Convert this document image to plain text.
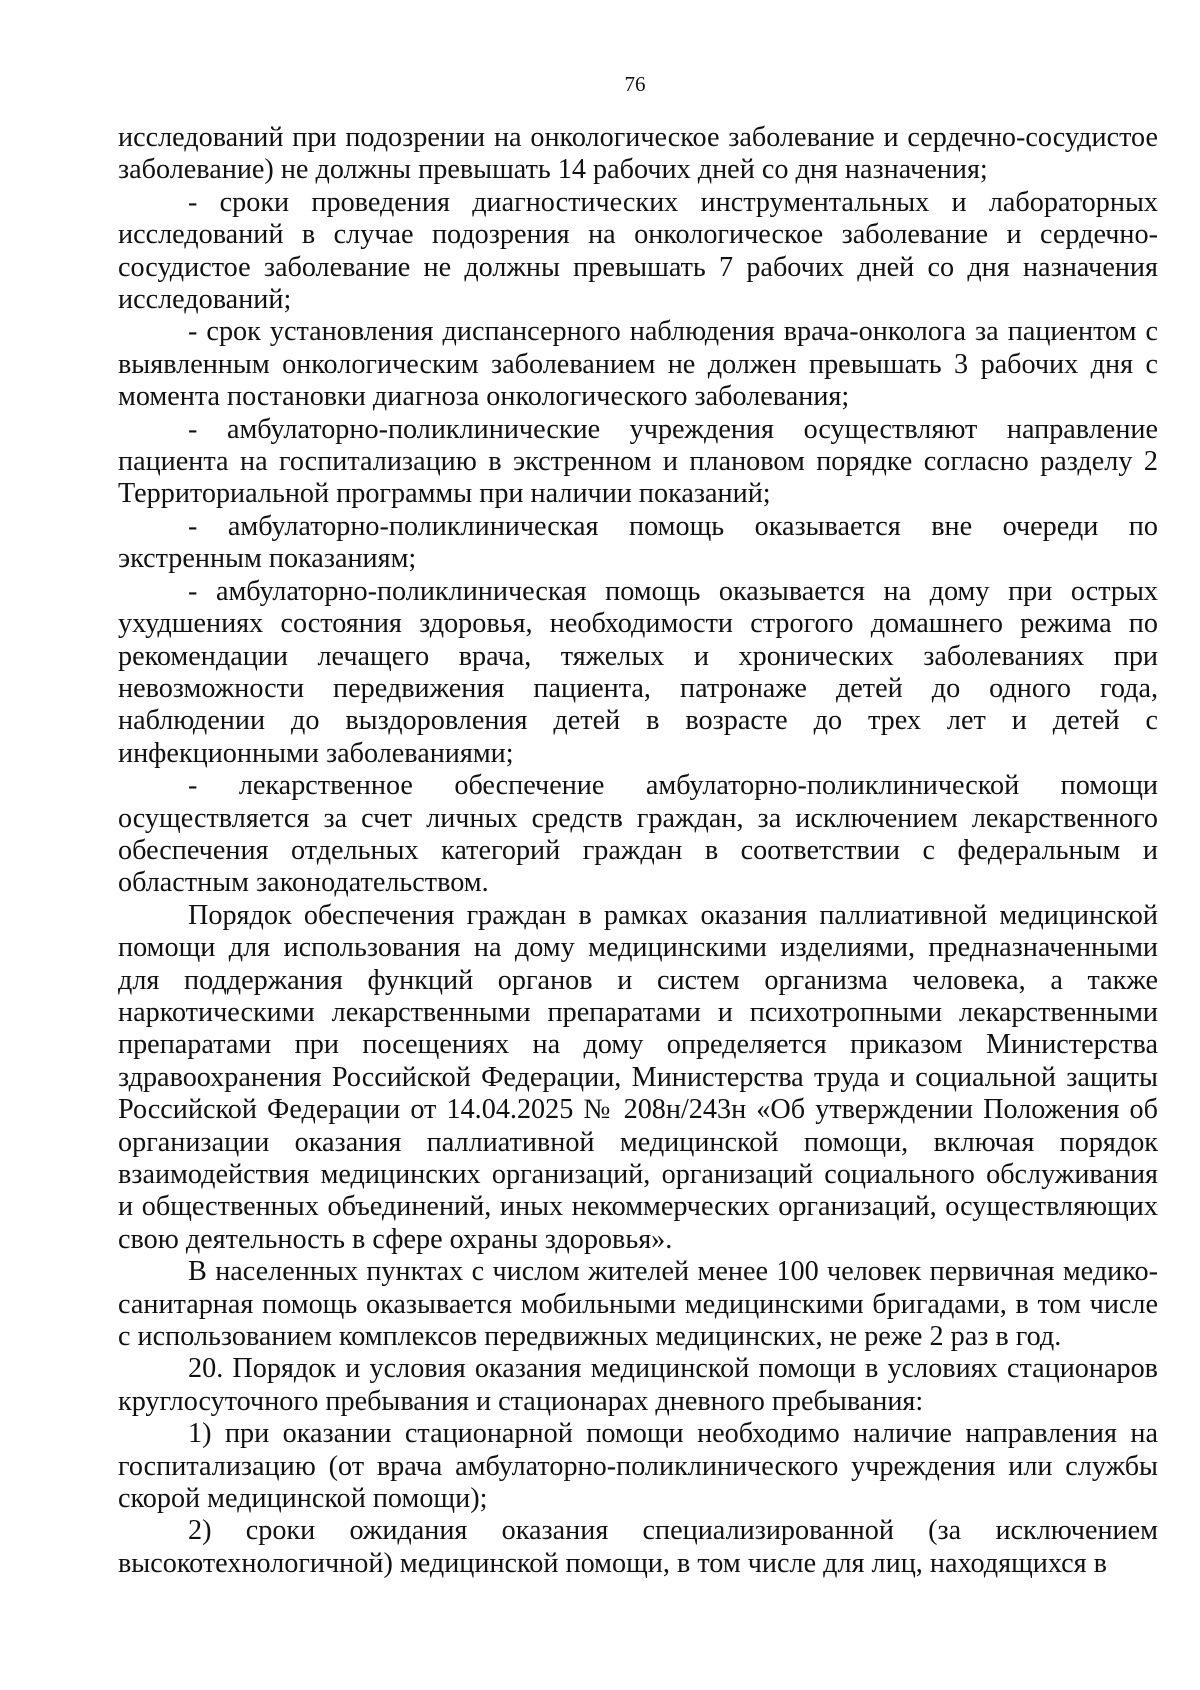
76

исследований при подозрении на онкологическое заболевание и сердечно-сосудистое заболевание) не должны превышать 14 рабочих дней со дня назначения;

- сроки проведения диагностических инструментальных и лабораторных исследований в случае подозрения на онкологическое заболевание и сердечно-сосудистое заболевание не должны превышать 7 рабочих дней со дня назначения исследований;

- срок установления диспансерного наблюдения врача-онколога за пациентом с выявленным онкологическим заболеванием не должен превышать 3 рабочих дня с момента постановки диагноза онкологического заболевания;

- амбулаторно-поликлинические учреждения осуществляют направление пациента на госпитализацию в экстренном и плановом порядке согласно разделу 2 Территориальной программы при наличии показаний;

- амбулаторно-поликлиническая помощь оказывается вне очереди по экстренным показаниям;

- амбулаторно-поликлиническая помощь оказывается на дому при острых ухудшениях состояния здоровья, необходимости строгого домашнего режима по рекомендации лечащего врача, тяжелых и хронических заболеваниях при невозможности передвижения пациента, патронаже детей до одного года, наблюдении до выздоровления детей в возрасте до трех лет и детей с инфекционными заболеваниями;

- лекарственное обеспечение амбулаторно-поликлинической помощи осуществляется за счет личных средств граждан, за исключением лекарственного обеспечения отдельных категорий граждан в соответствии с федеральным и областным законодательством.

Порядок обеспечения граждан в рамках оказания паллиативной медицинской помощи для использования на дому медицинскими изделиями, предназначенными для поддержания функций органов и систем организма человека, а также наркотическими лекарственными препаратами и психотропными лекарственными препаратами при посещениях на дому определяется приказом Министерства здравоохранения Российской Федерации, Министерства труда и социальной защиты Российской Федерации от 14.04.2025 № 208н/243н «Об утверждении Положения об организации оказания паллиативной медицинской помощи, включая порядок взаимодействия медицинских организаций, организаций социального обслуживания и общественных объединений, иных некоммерческих организаций, осуществляющих свою деятельность в сфере охраны здоровья».

В населенных пунктах с числом жителей менее 100 человек первичная медико-санитарная помощь оказывается мобильными медицинскими бригадами, в том числе с использованием комплексов передвижных медицинских, не реже 2 раз в год.

20. Порядок и условия оказания медицинской помощи в условиях стационаров круглосуточного пребывания и стационарах дневного пребывания:

1) при оказании стационарной помощи необходимо наличие направления на госпитализацию (от врача амбулаторно-поликлинического учреждения или службы скорой медицинской помощи);

2) сроки ожидания оказания специализированной (за исключением высокотехнологичной) медицинской помощи, в том числе для лиц, находящихся в
